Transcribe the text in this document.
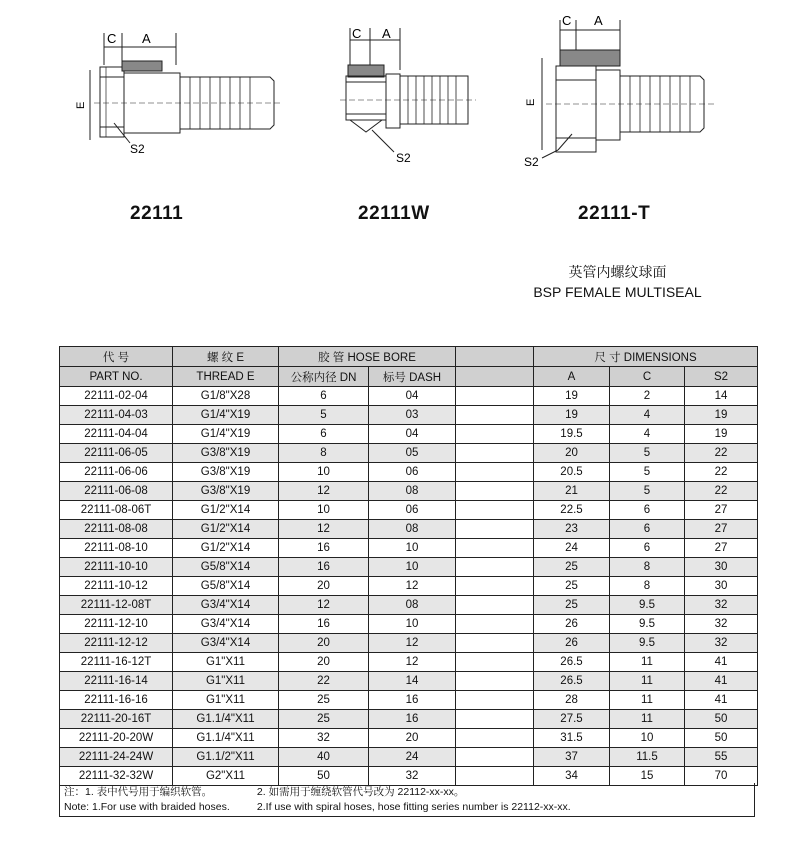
C A
E
S2
C A
S2
C A
E
S2
22111	22111W	22111-T
英管内螺纹球面
BSP FEMALE MULTISEAL
代 号	螺 纹 E	胶 管 HOSE BORE			尺 寸 DIMENSIONS		
PART NO.	THREAD E	公称内径 DN	标号 DASH		A	C	S2
22111-02-04	G1/8"X28	6	04		19	2	14
22111-04-03	G1/4"X19	5	03		19	4	19
22111-04-04	G1/4"X19	6	04		19.5	4	19
22111-06-05	G3/8"X19	8	05		20	5	22
22111-06-06	G3/8"X19	10	06		20.5	5	22
22111-06-08	G3/8"X19	12	08		21	5	22
22111-08-06T	G1/2"X14	10	06		22.5	6	27
22111-08-08	G1/2"X14	12	08		23	6	27
22111-08-10	G1/2"X14	16	10		24	6	27
22111-10-10	G5/8"X14	16	10		25	8	30
22111-10-12	G5/8"X14	20	12		25	8	30
22111-12-08T	G3/4"X14	12	08		25	9.5	32
22111-12-10	G3/4"X14	16	10		26	9.5	32
22111-12-12	G3/4"X14	20	12		26	9.5	32
22111-16-12T	G1"X11	20	12		26.5	11	41
22111-16-14	G1"X11	22	14		26.5	11	41
22111-16-16	G1"X11	25	16		28	11	41
22111-20-16T	G1.1/4"X11	25	16		27.5	11	50
22111-20-20W	G1.1/4"X11	32	20		31.5	10	50
22111-24-24W	G1.1/2"X11	40	24		37	11.5	55
22111-32-32W	G2"X11	50	32		34	15	70
注：1. 表中代号用于编织软管。	2. 如需用于缠绕软管代号改为 22112-xx-xx。
Note: 1.For use with braided hoses.	2.If use with spiral hoses, hose fitting series number is 22112-xx-xx.
